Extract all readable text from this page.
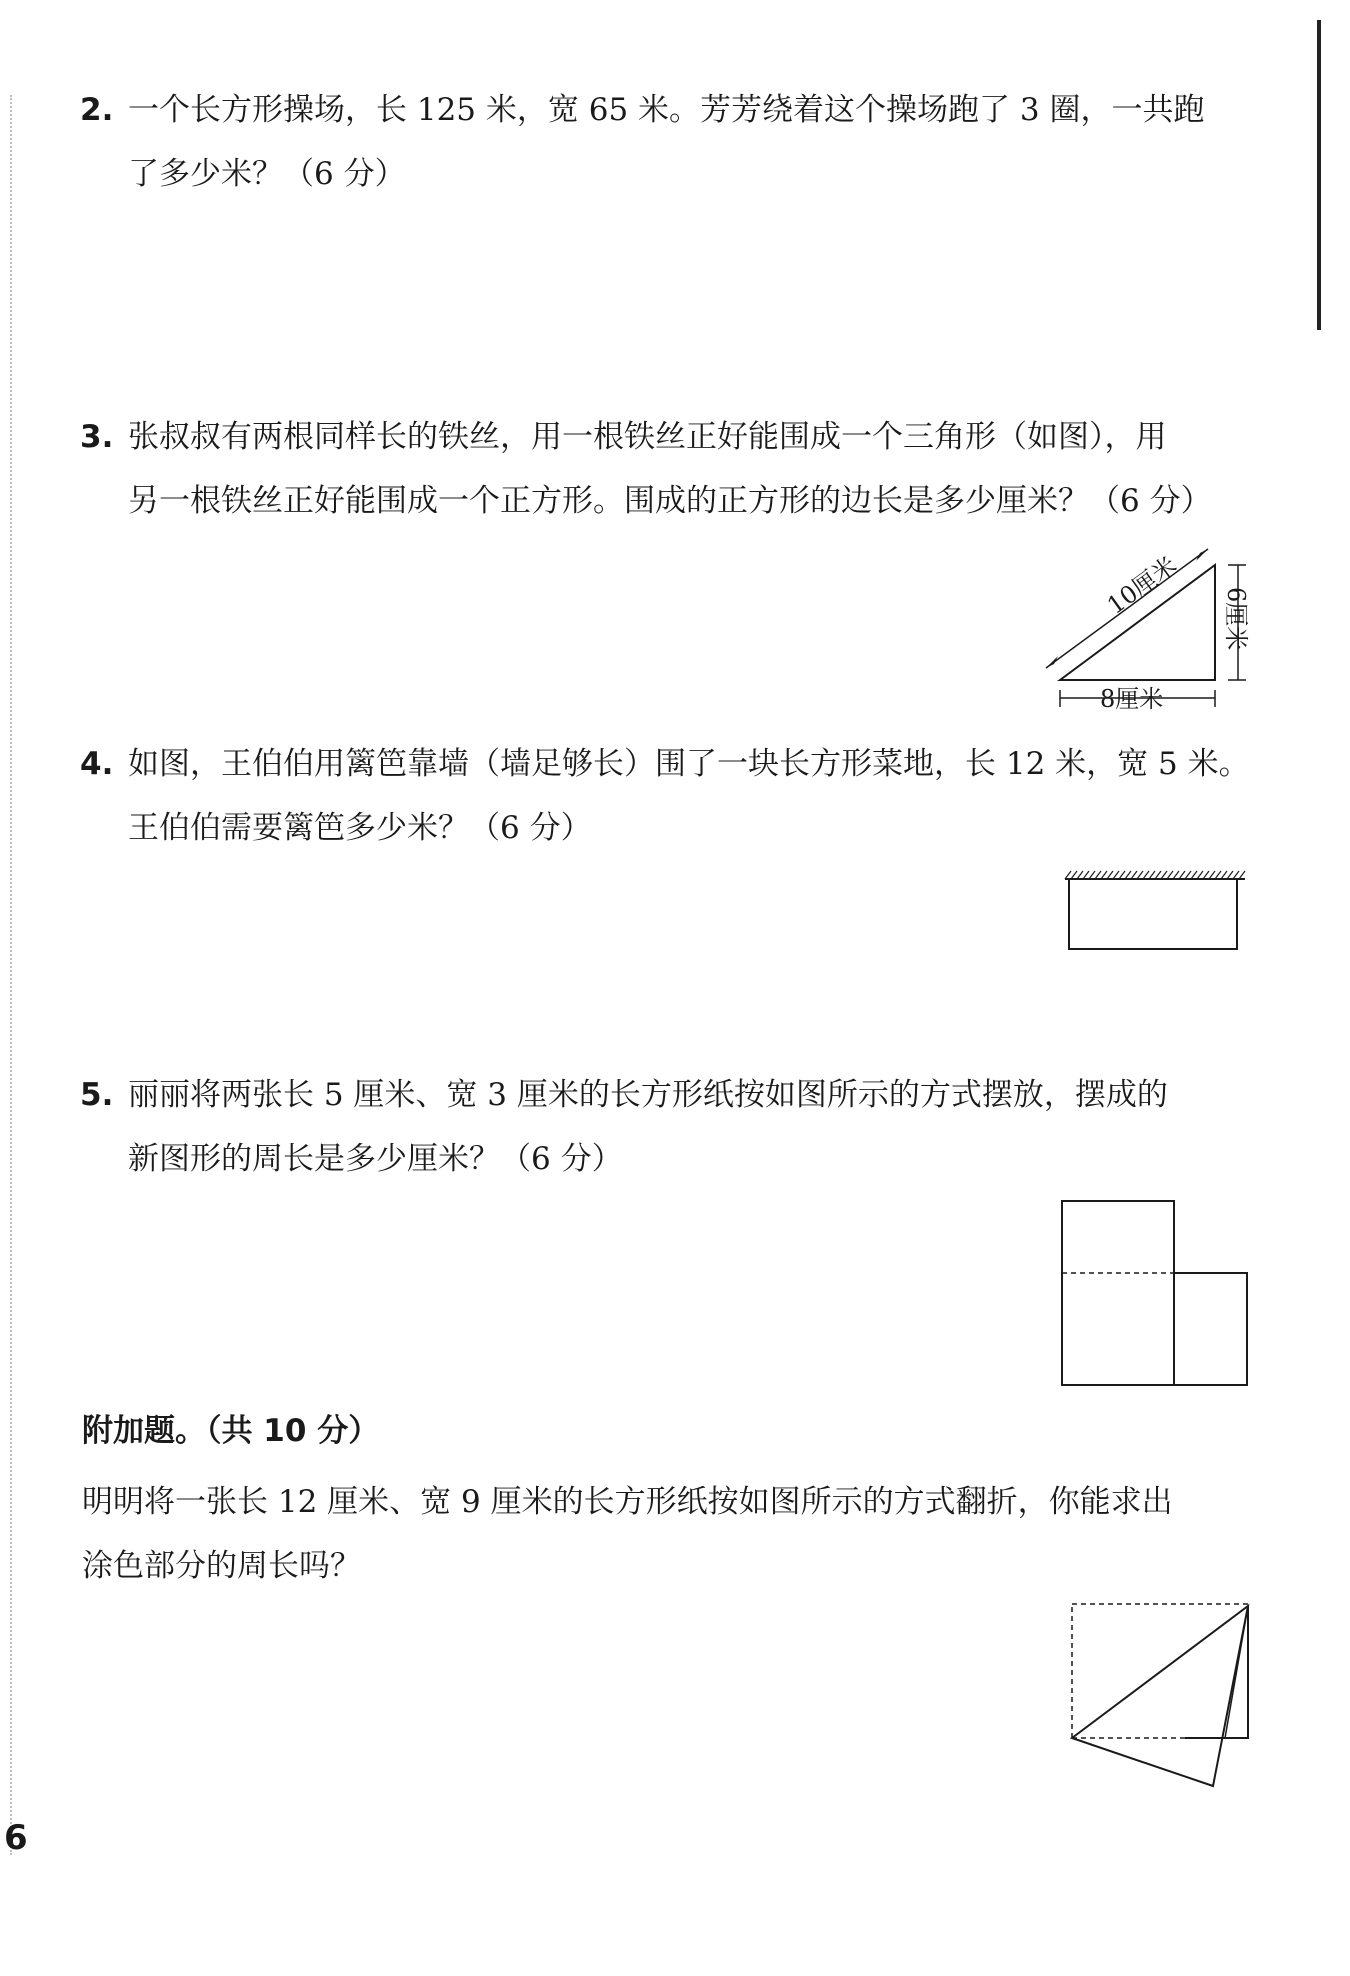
2. 一个长方形操场，长 125 米，宽 65 米。芳芳绕着这个操场跑了 3 圈，一共跑
了多少米？（6 分）
3. 张叔叔有两根同样长的铁丝，用一根铁丝正好能围成一个三角形（如图），用
另一根铁丝正好能围成一个正方形。围成的正方形的边长是多少厘米？（6 分）
10厘米 6厘米
8厘米
4. 如图，王伯伯用篱笆靠墙（墙足够长）围了一块长方形菜地，长 12 米，宽 5 米。
王伯伯需要篱笆多少米？（6 分）
5. 丽丽将两张长 5 厘米、宽 3 厘米的长方形纸按如图所示的方式摆放，摆成的
新图形的周长是多少厘米？（6 分）
附加题。（共 10 分）
明明将一张长 12 厘米、宽 9 厘米的长方形纸按如图所示的方式翻折，你能求出
涂色部分的周长吗？
6
